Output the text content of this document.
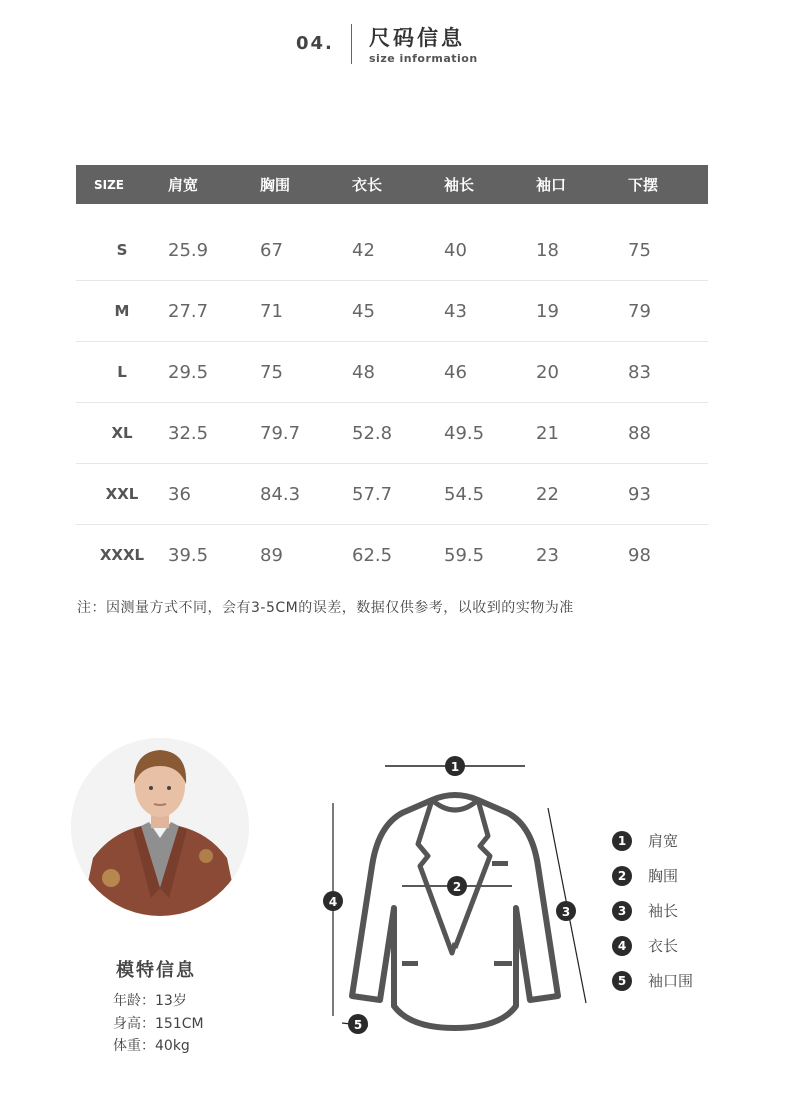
04. 尺码信息
size information
SIZE	肩宽	胸围	衣长	袖长	袖口	下摆
S	25.9	67	42	40	18	75
M	27.7	71	45	43	19	79
L	29.5	75	48	46	20	83
XL	32.5	79.7	52.8	49.5	21	88
XXL	36	84.3	57.7	54.5	22	93
XXXL	39.5	89	62.5	59.5	23	98
注：因测量方式不同，会有3-5CM的误差，数据仅供参考，以收到的实物为准
模特信息
年龄：13岁
身高：151CM
体重：40kg
1
2
3
4
5
1	肩宽
2	胸围
3	袖长
4	衣长
5	袖口围
